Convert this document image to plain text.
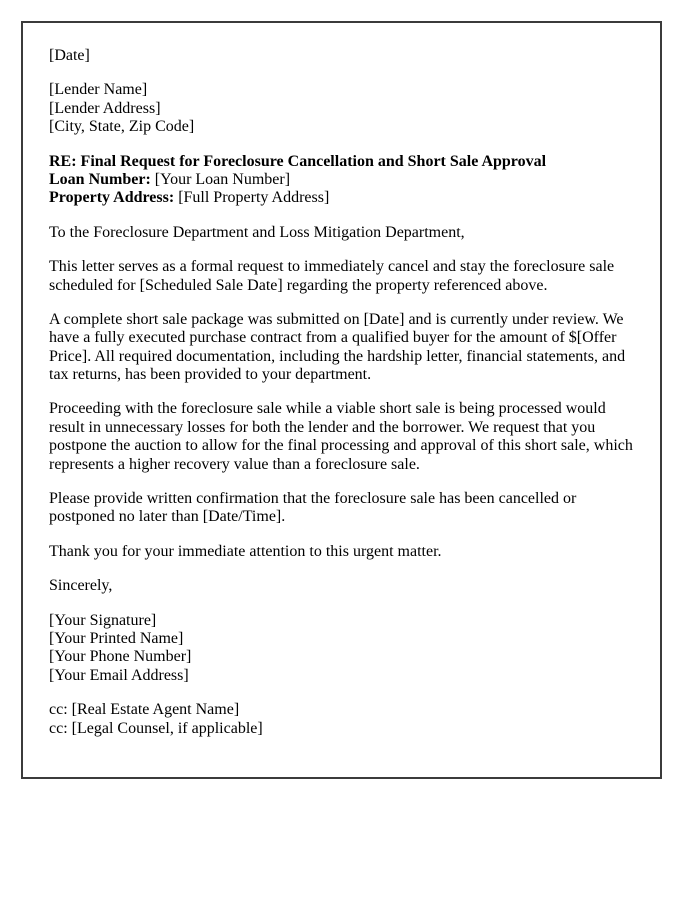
[Date]

[Lender Name]
[Lender Address]
[City, State, Zip Code]

RE: Final Request for Foreclosure Cancellation and Short Sale Approval
Loan Number: [Your Loan Number]
Property Address: [Full Property Address]

To the Foreclosure Department and Loss Mitigation Department,

This letter serves as a formal request to immediately cancel and stay the foreclosure sale scheduled for [Scheduled Sale Date] regarding the property referenced above.

A complete short sale package was submitted on [Date] and is currently under review. We have a fully executed purchase contract from a qualified buyer for the amount of $[Offer Price]. All required documentation, including the hardship letter, financial statements, and tax returns, has been provided to your department.

Proceeding with the foreclosure sale while a viable short sale is being processed would result in unnecessary losses for both the lender and the borrower. We request that you postpone the auction to allow for the final processing and approval of this short sale, which represents a higher recovery value than a foreclosure sale.

Please provide written confirmation that the foreclosure sale has been cancelled or postponed no later than [Date/Time].

Thank you for your immediate attention to this urgent matter.

Sincerely,

[Your Signature]
[Your Printed Name]
[Your Phone Number]
[Your Email Address]

cc: [Real Estate Agent Name]
cc: [Legal Counsel, if applicable]
